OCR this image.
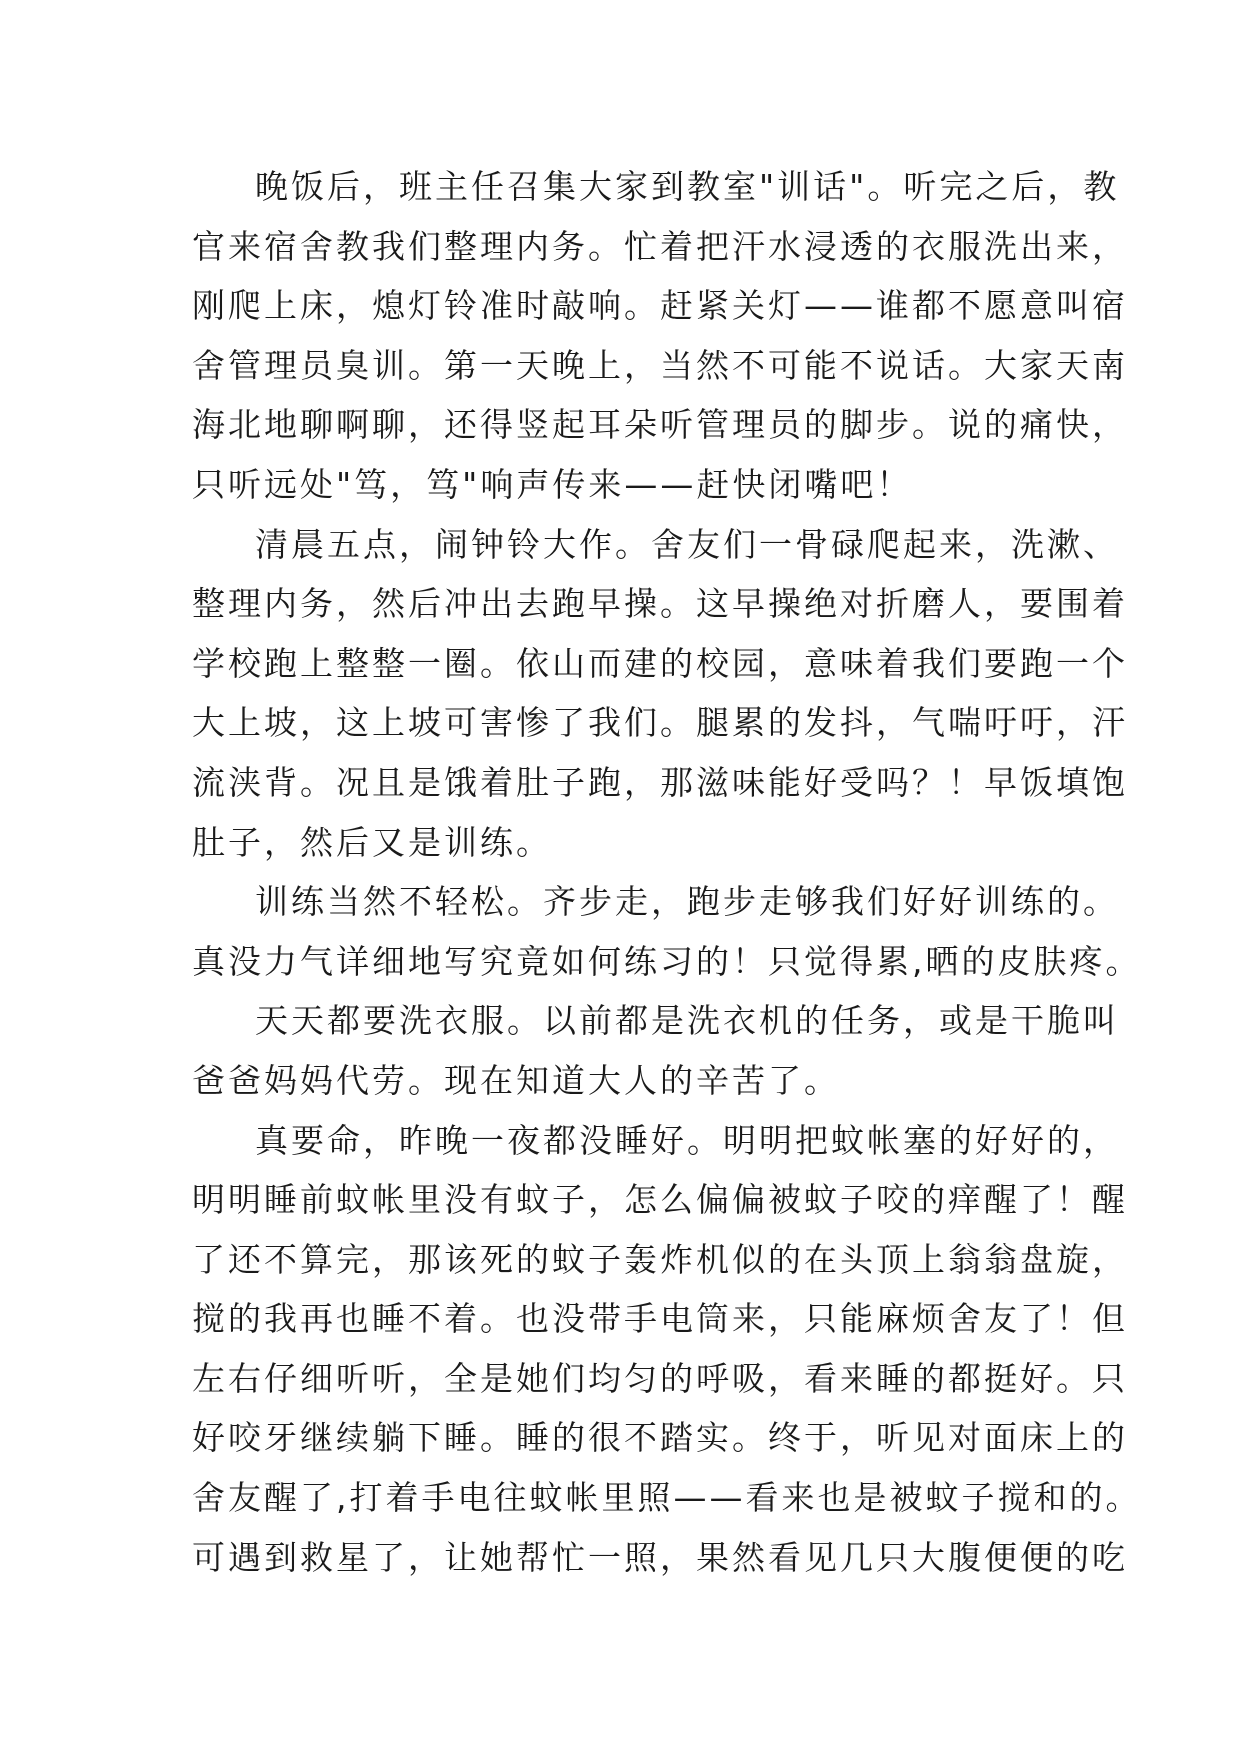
晚饭后，班主任召集大家到教室"训话"。听完之后，教
官来宿舍教我们整理内务。忙着把汗水浸透的衣服洗出来，
刚爬上床，熄灯铃准时敲响。赶紧关灯——谁都不愿意叫宿
舍管理员臭训。第一天晚上，当然不可能不说话。大家天南
海北地聊啊聊，还得竖起耳朵听管理员的脚步。说的痛快，
只听远处"笃，笃"响声传来——赶快闭嘴吧！
清晨五点，闹钟铃大作。舍友们一骨碌爬起来，洗漱、
整理内务，然后冲出去跑早操。这早操绝对折磨人，要围着
学校跑上整整一圈。依山而建的校园，意味着我们要跑一个
大上坡，这上坡可害惨了我们。腿累的发抖，气喘吁吁，汗
流浃背。况且是饿着肚子跑，那滋味能好受吗？！早饭填饱
肚子，然后又是训练。
训练当然不轻松。齐步走，跑步走够我们好好训练的。
真没力气详细地写究竟如何练习的！只觉得累,晒的皮肤疼。
天天都要洗衣服。以前都是洗衣机的任务，或是干脆叫
爸爸妈妈代劳。现在知道大人的辛苦了。
真要命，昨晚一夜都没睡好。明明把蚊帐塞的好好的，
明明睡前蚊帐里没有蚊子，怎么偏偏被蚊子咬的痒醒了！醒
了还不算完，那该死的蚊子轰炸机似的在头顶上翁翁盘旋，
搅的我再也睡不着。也没带手电筒来，只能麻烦舍友了！但
左右仔细听听，全是她们均匀的呼吸，看来睡的都挺好。只
好咬牙继续躺下睡。睡的很不踏实。终于，听见对面床上的
舍友醒了,打着手电往蚊帐里照——看来也是被蚊子搅和的。
可遇到救星了，让她帮忙一照，果然看见几只大腹便便的吃
